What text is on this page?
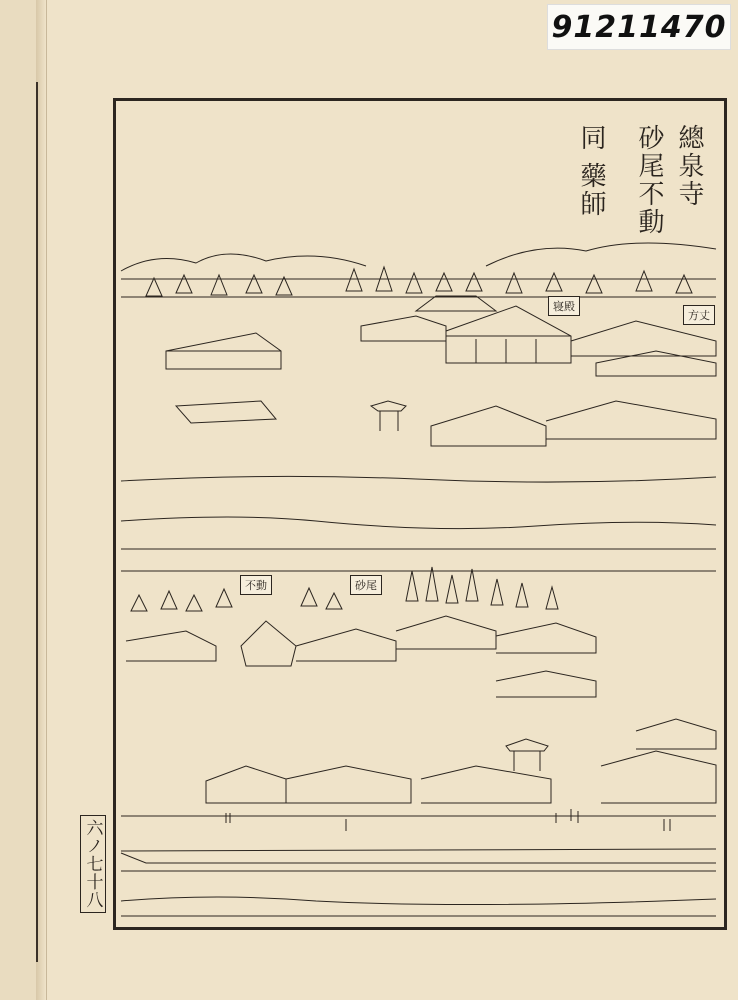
91211470
總泉寺
砂尾不動
同 藥師
寝殿
方丈
不動	砂尾
六ノ七十八
